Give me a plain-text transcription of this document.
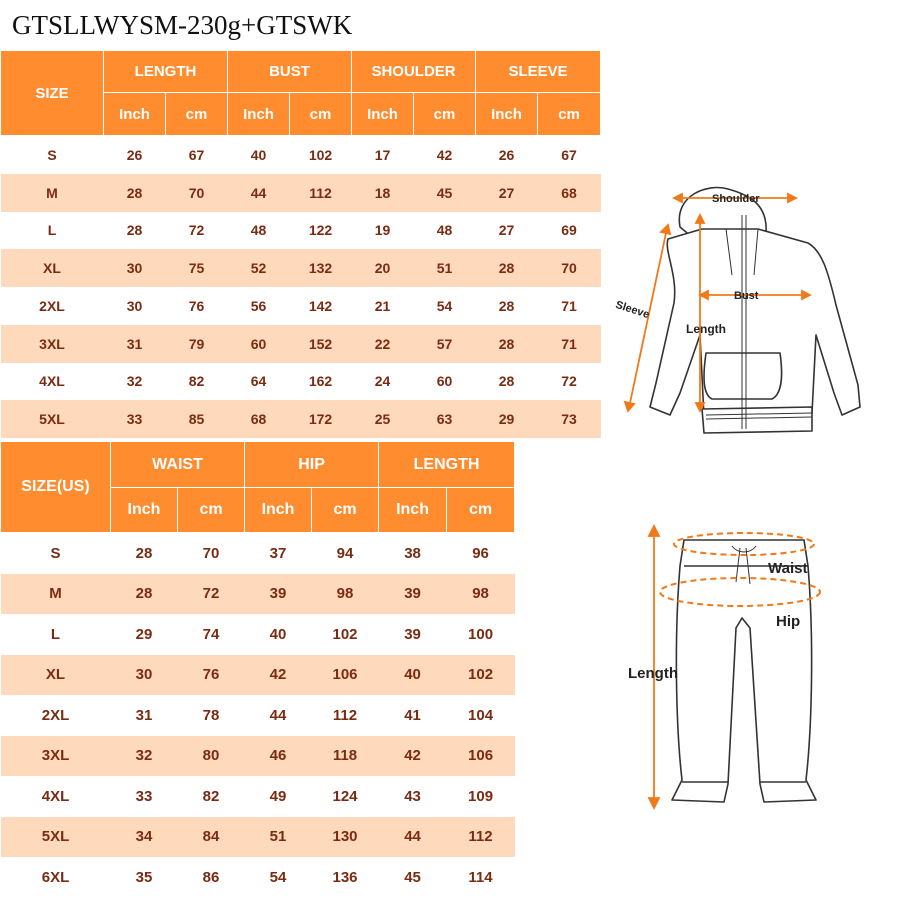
GTSLLWYSM-230g+GTSWK
SIZE	LENGTH		BUST		SHOULDER		SLEEVE	
	Inch	cm	Inch	cm	Inch	cm	Inch	cm
S	26	67	40	102	17	42	26	67
M	28	70	44	112	18	45	27	68
L	28	72	48	122	19	48	27	69
XL	30	75	52	132	20	51	28	70
2XL	30	76	56	142	21	54	28	71
3XL	31	79	60	152	22	57	28	71
4XL	32	82	64	162	24	60	28	72
5XL	33	85	68	172	25	63	29	73
SIZE(US)	WAIST		HIP		LENGTH	
	Inch	cm	Inch	cm	Inch	cm
S	28	70	37	94	38	96
M	28	72	39	98	39	98
L	29	74	40	102	39	100
XL	30	76	42	106	40	102
2XL	31	78	44	112	41	104
3XL	32	80	46	118	42	106
4XL	33	82	49	124	43	109
5XL	34	84	51	130	44	112
6XL	35	86	54	136	45	114
Shoulder
Bust
Length
Sleeve
Waist
Hip
Length
